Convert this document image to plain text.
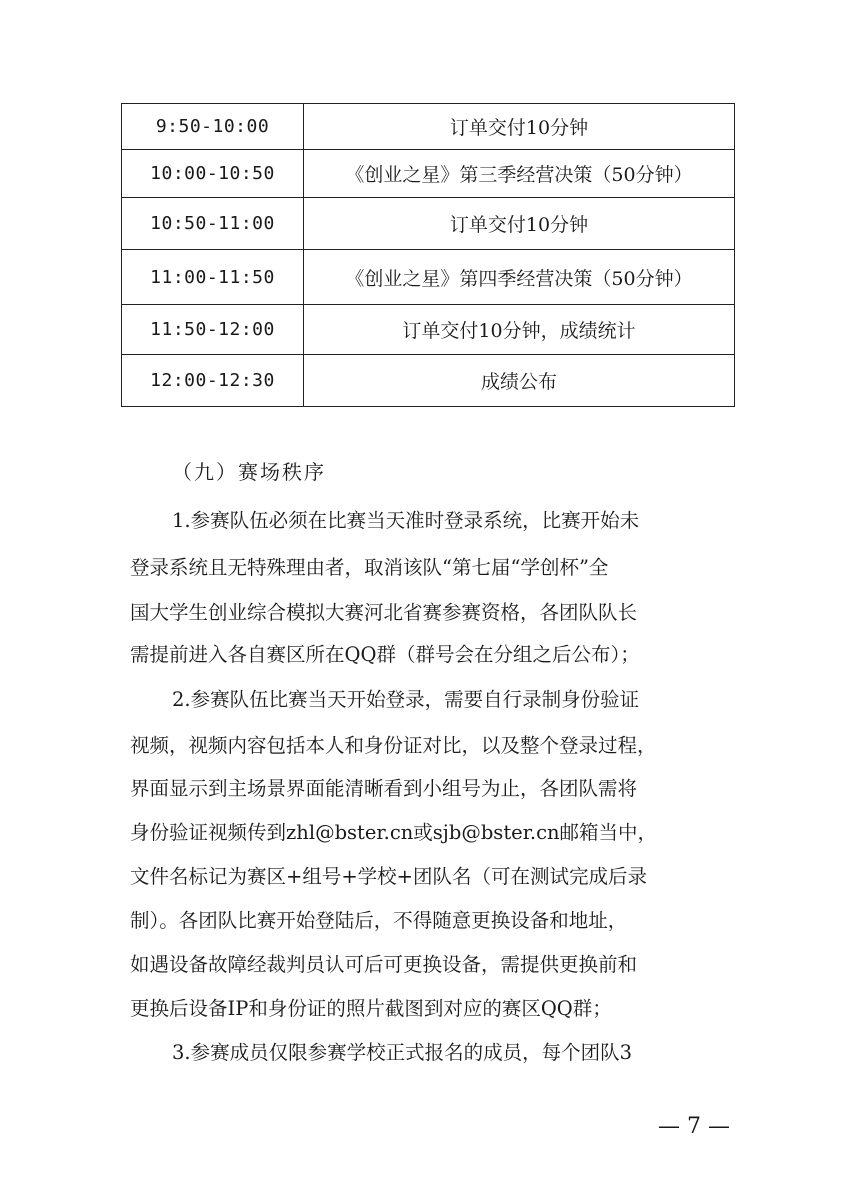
9:50-10:00	订单交付10分钟
10:00-10:50	《创业之星》第三季经营决策（50分钟）
10:50-11:00	订单交付10分钟
11:00-11:50	《创业之星》第四季经营决策（50分钟）
11:50-12:00	订单交付10分钟，成绩统计
12:00-12:30	成绩公布

（九）赛场秩序

1.参赛队伍必须在比赛当天准时登录系统，比赛开始未

登录系统且无特殊理由者，取消该队“第七届“学创杯”全

国大学生创业综合模拟大赛河北省赛参赛资格，各团队队长

需提前进入各自赛区所在QQ群（群号会在分组之后公布）；

2.参赛队伍比赛当天开始登录，需要自行录制身份验证

视频，视频内容包括本人和身份证对比，以及整个登录过程，

界面显示到主场景界面能清晰看到小组号为止，各团队需将

身份验证视频传到zhl@bster.cn或sjb@bster.cn邮箱当中，

文件名标记为赛区+组号+学校+团队名（可在测试完成后录

制）。各团队比赛开始登陆后，不得随意更换设备和地址，

如遇设备故障经裁判员认可后可更换设备，需提供更换前和

更换后设备IP和身份证的照片截图到对应的赛区QQ群；

3.参赛成员仅限参赛学校正式报名的成员，每个团队3

— 7 —
